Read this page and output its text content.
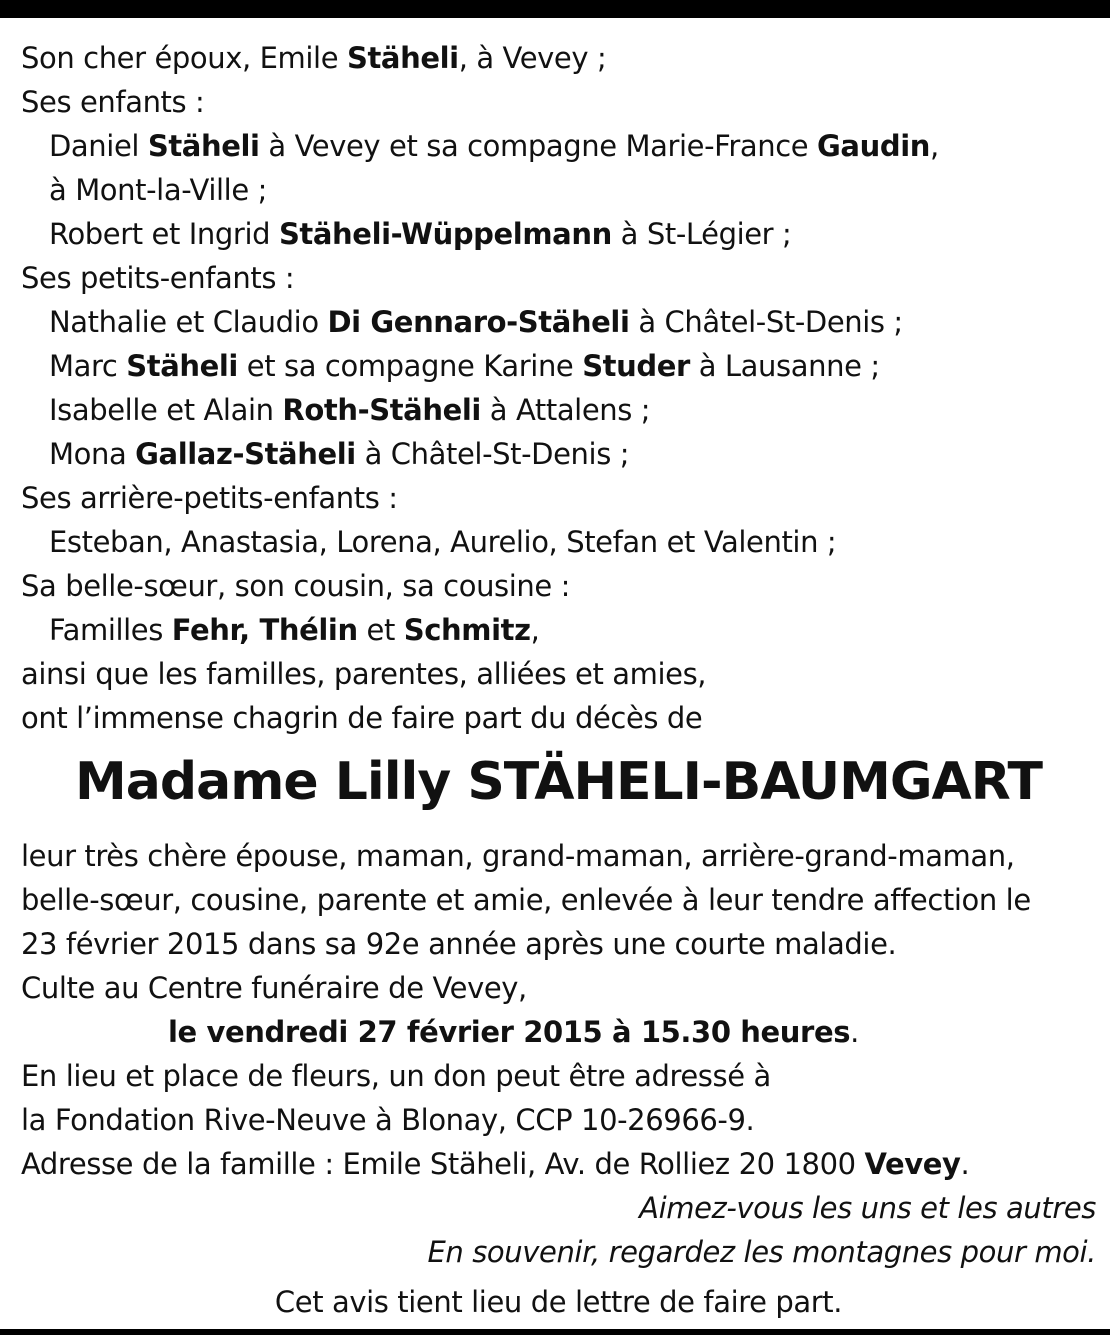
Son cher époux, Emile Stäheli, à Vevey ;
Ses enfants :
Daniel Stäheli à Vevey et sa compagne Marie-France Gaudin,
à Mont-la-Ville ;
Robert et Ingrid Stäheli-Wüppelmann à St-Légier ;
Ses petits-enfants :
Nathalie et Claudio Di Gennaro-Stäheli à Châtel-St-Denis ;
Marc Stäheli et sa compagne Karine Studer à Lausanne ;
Isabelle et Alain Roth-Stäheli à Attalens ;
Mona Gallaz-Stäheli à Châtel-St-Denis ;
Ses arrière-petits-enfants :
Esteban, Anastasia, Lorena, Aurelio, Stefan et Valentin ;
Sa belle-sœur, son cousin, sa cousine :
Familles Fehr, Thélin et Schmitz,
ainsi que les familles, parentes, alliées et amies,
ont l’immense chagrin de faire part du décès de
Madame Lilly STÄHELI-BAUMGART
leur très chère épouse, maman, grand-maman, arrière-grand-maman,
belle-sœur, cousine, parente et amie, enlevée à leur tendre affection le
23 février 2015 dans sa 92e année après une courte maladie.
Culte au Centre funéraire de Vevey,
le vendredi 27 février 2015 à 15.30 heures.
En lieu et place de fleurs, un don peut être adressé à
la Fondation Rive-Neuve à Blonay, CCP 10-26966-9.
Adresse de la famille : Emile Stäheli, Av. de Rolliez 20 1800 Vevey.
Aimez-vous les uns et les autres
En souvenir, regardez les montagnes pour moi.
Cet avis tient lieu de lettre de faire part.
